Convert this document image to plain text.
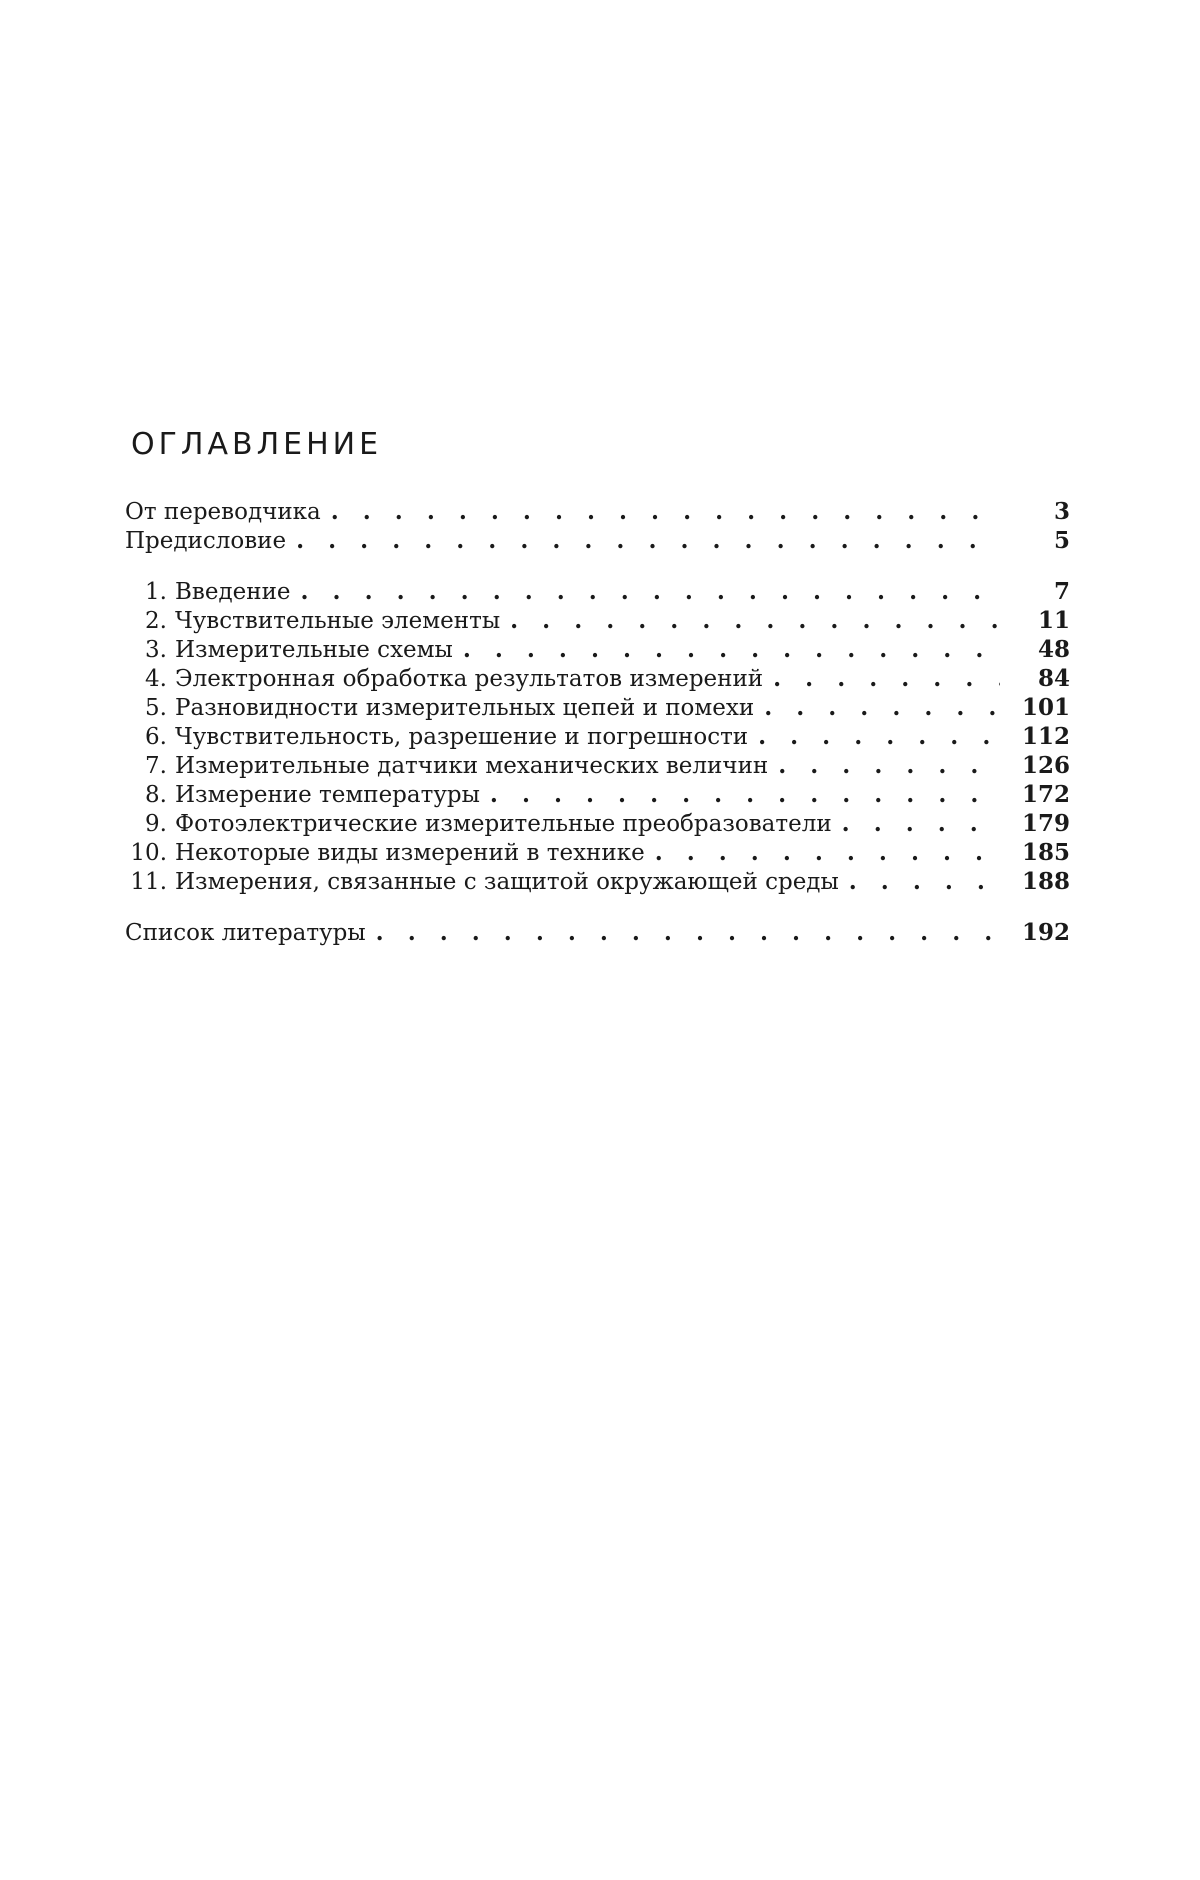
ОГЛАВЛЕНИЕ
От переводчика . .	3
Предисловие . .	5
1. Введение . .	7
2. Чувствительные элементы . .	11
3. Измерительные схемы . .	48
4. Электронная обработка результатов измерений . .	84
5. Разновидности измерительных цепей и помехи . .	101
6. Чувствительность, разрешение и погрешности . .	112
7. Измерительные датчики механических величин . .	126
8. Измерение температуры . .	172
9. Фотоэлектрические измерительные преобразователи . .	179
10. Некоторые виды измерений в технике . .	185
11. Измерения, связанные с защитой окружающей среды . .	188
Список литературы . .	192
